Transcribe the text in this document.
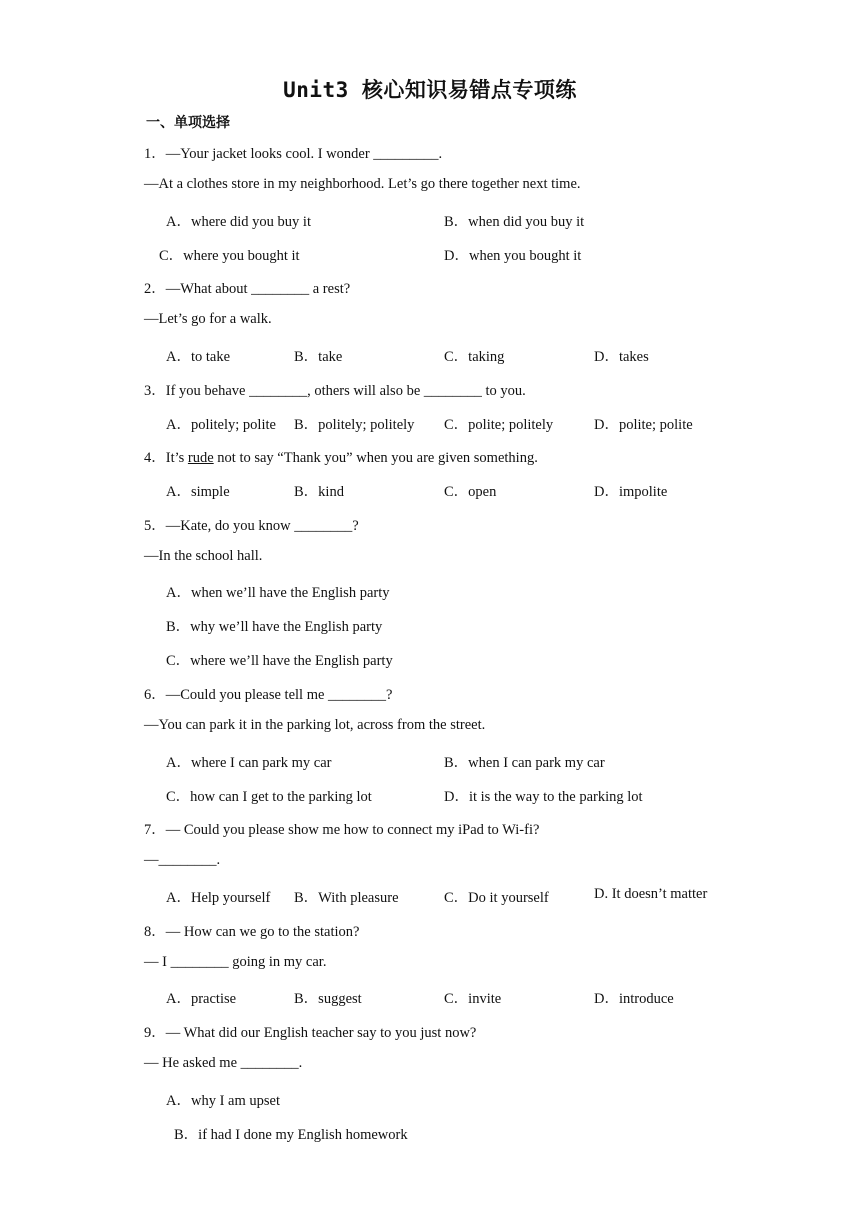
Unit3 核心知识易错点专项练
一、单项选择
1．—Your jacket looks cool. I wonder _________.
—At a clothes store in my neighborhood. Let’s go there together next time.
A．where did you buy it	B．when did you buy it
C．where you bought it	D．when you bought it
2．—What about ________ a rest?
—Let’s go for a walk.
A．to take	B．take	C．taking	D．takes
3．If you behave ________, others will also be ________ to you.
A．politely; polite B．politely; politely C．polite; politely	D．polite; polite
4．It’s rude not to say “Thank you” when you are given something.
A．simple	B．kind	C．open	D．impolite
5．—Kate, do you know ________?
—In the school hall.
A．when we’ll have the English party
B．why we’ll have the English party
C．where we’ll have the English party
6．—Could you please tell me ________?
—You can park it in the parking lot, across from the street.
A．where I can park my car	B．when I can park my car
C．how can I get to the parking lot	D．it is the way to the parking lot
7．— Could you please show me how to connect my iPad to Wi-fi?
—________.
A．Help yourself B．With pleasure	C．Do it yourself	D. It doesn’t matter
8．— How can we go to the station?
— I ________ going in my car.
A．practise	B．suggest	C．invite	D．introduce
9．— What did our English teacher say to you just now?
— He asked me ________.
A．why I am upset
B．if had I done my English homework
